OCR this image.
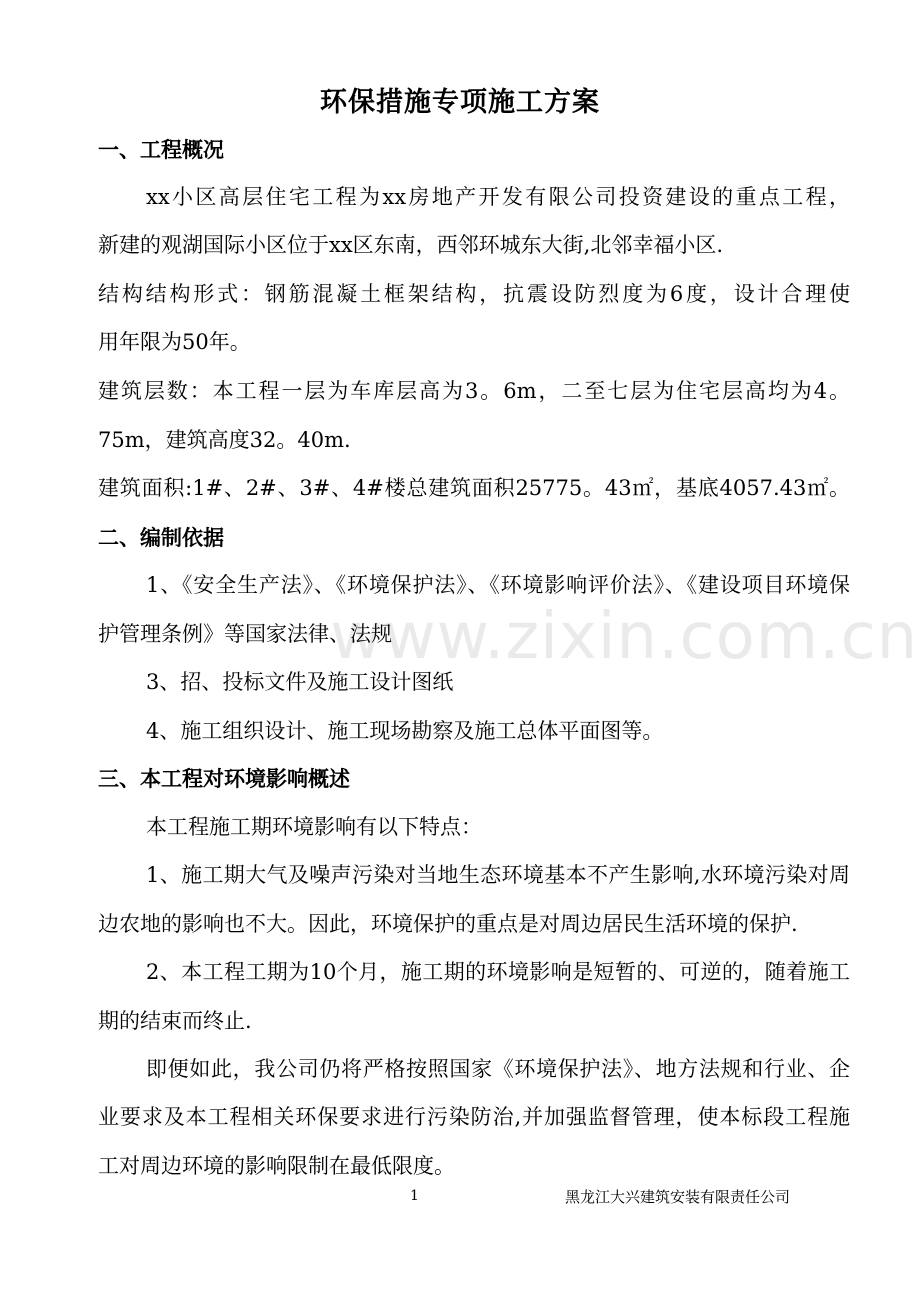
www.zixin.com.cn
环保措施专项施工方案
一、工程概况
xx小区高层住宅工程为xx房地产开发有限公司投资建设的重点工程，
新建的观湖国际小区位于xx区东南，西邻环城东大街,北邻幸福小区.
结构结构形式：钢筋混凝土框架结构，抗震设防烈度为6度，设计合理使
用年限为50年。
建筑层数：本工程一层为车库层高为3。6m，二至七层为住宅层高均为4。
75m，建筑高度32。40m.
建筑面积:1#、2#、3#、4#楼总建筑面积25775。43㎡，基底4057.43㎡。
二、编制依据
1、《安全生产法》、《环境保护法》、《环境影响评价法》、《建设项目环境保
护管理条例》等国家法律、法规
3、招、投标文件及施工设计图纸
4、施工组织设计、施工现场勘察及施工总体平面图等。
三、本工程对环境影响概述
本工程施工期环境影响有以下特点：
1、施工期大气及噪声污染对当地生态环境基本不产生影响,水环境污染对周
边农地的影响也不大。因此，环境保护的重点是对周边居民生活环境的保护.
2、本工程工期为10个月，施工期的环境影响是短暂的、可逆的，随着施工
期的结束而终止.
即便如此，我公司仍将严格按照国家《环境保护法》、地方法规和行业、企
业要求及本工程相关环保要求进行污染防治,并加强监督管理，使本标段工程施
工对周边环境的影响限制在最低限度。
1	黑龙江大兴建筑安装有限责任公司
